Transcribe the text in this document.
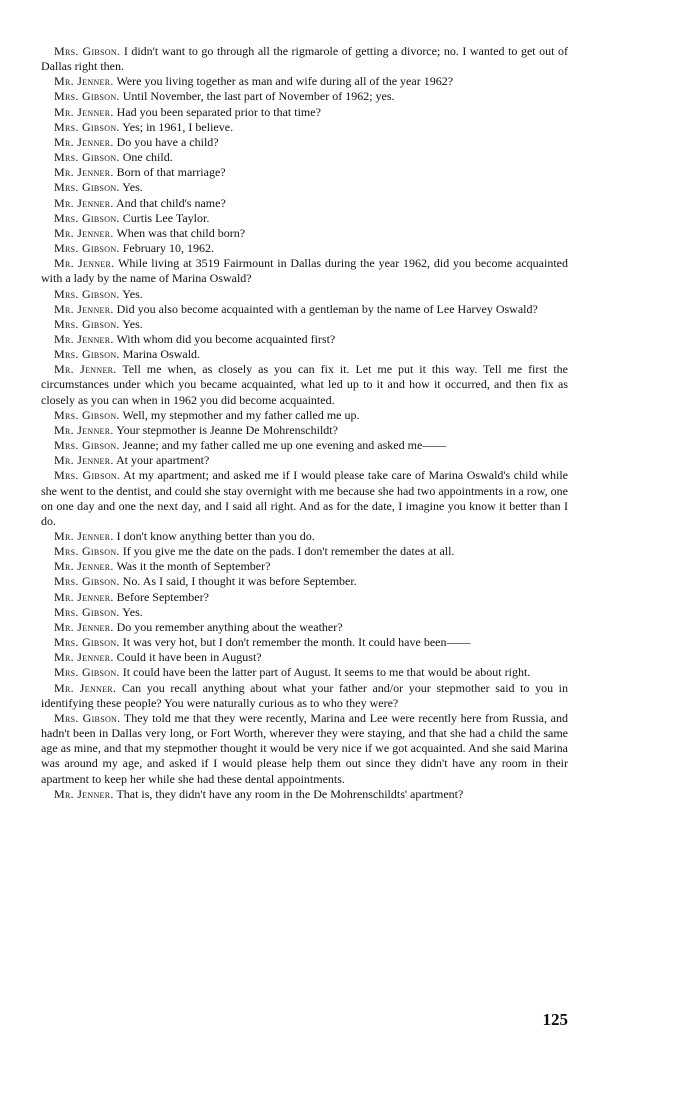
Mrs. Gibson. I didn't want to go through all the rigmarole of getting a divorce; no. I wanted to get out of Dallas right then.

Mr. Jenner. Were you living together as man and wife during all of the year 1962?

Mrs. Gibson. Until November, the last part of November of 1962; yes.

Mr. Jenner. Had you been separated prior to that time?

Mrs. Gibson. Yes; in 1961, I believe.

Mr. Jenner. Do you have a child?

Mrs. Gibson. One child.

Mr. Jenner. Born of that marriage?

Mrs. Gibson. Yes.

Mr. Jenner. And that child's name?

Mrs. Gibson. Curtis Lee Taylor.

Mr. Jenner. When was that child born?

Mrs. Gibson. February 10, 1962.

Mr. Jenner. While living at 3519 Fairmount in Dallas during the year 1962, did you become acquainted with a lady by the name of Marina Oswald?

Mrs. Gibson. Yes.

Mr. Jenner. Did you also become acquainted with a gentleman by the name of Lee Harvey Oswald?

Mrs. Gibson. Yes.

Mr. Jenner. With whom did you become acquainted first?

Mrs. Gibson. Marina Oswald.

Mr. Jenner. Tell me when, as closely as you can fix it. Let me put it this way. Tell me first the circumstances under which you became acquainted, what led up to it and how it occurred, and then fix as closely as you can when in 1962 you did become acquainted.

Mrs. Gibson. Well, my stepmother and my father called me up.

Mr. Jenner. Your stepmother is Jeanne De Mohrenschildt?

Mrs. Gibson. Jeanne; and my father called me up one evening and asked me——

Mr. Jenner. At your apartment?

Mrs. Gibson. At my apartment; and asked me if I would please take care of Marina Oswald's child while she went to the dentist, and could she stay overnight with me because she had two appointments in a row, one on one day and one the next day, and I said all right. And as for the date, I imagine you know it better than I do.

Mr. Jenner. I don't know anything better than you do.

Mrs. Gibson. If you give me the date on the pads. I don't remember the dates at all.

Mr. Jenner. Was it the month of September?

Mrs. Gibson. No. As I said, I thought it was before September.

Mr. Jenner. Before September?

Mrs. Gibson. Yes.

Mr. Jenner. Do you remember anything about the weather?

Mrs. Gibson. It was very hot, but I don't remember the month. It could have been——

Mr. Jenner. Could it have been in August?

Mrs. Gibson. It could have been the latter part of August. It seems to me that would be about right.

Mr. Jenner. Can you recall anything about what your father and/or your stepmother said to you in identifying these people? You were naturally curious as to who they were?

Mrs. Gibson. They told me that they were recently, Marina and Lee were recently here from Russia, and hadn't been in Dallas very long, or Fort Worth, wherever they were staying, and that she had a child the same age as mine, and that my stepmother thought it would be very nice if we got acquainted. And she said Marina was around my age, and asked if I would please help them out since they didn't have any room in their apartment to keep her while she had these dental appointments.

Mr. Jenner. That is, they didn't have any room in the De Mohrenschildts' apartment?

125
